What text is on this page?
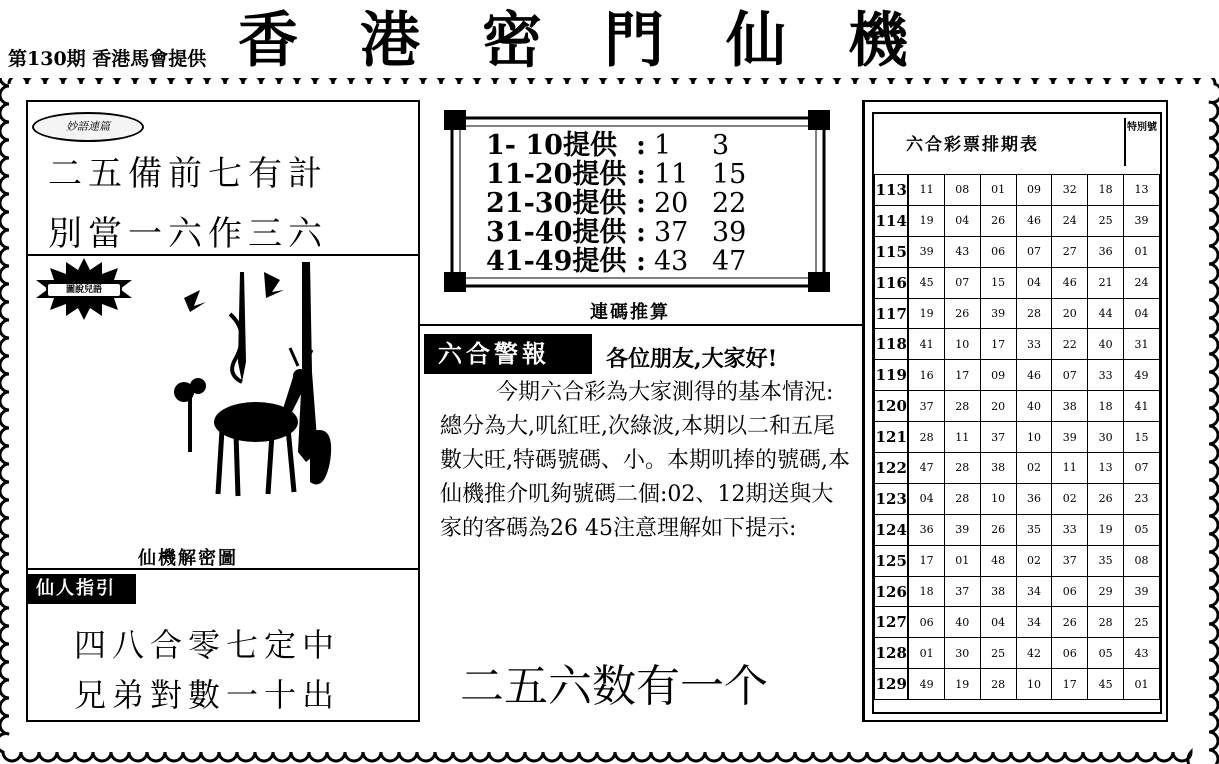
第130期 香港馬會提供 香港密門仙機
妙語連篇
二五備前七有計
別當一六作三六
圖說兒語
仙機解密圖
仙人指引
四八合零七定中
兄弟對數一十出
1- 10提供 : 1 3
11-20提供 : 11 15
21-30提供 : 20 22
31-40提供 : 37 39
41-49提供 : 43 47
連碼推算
六合警報	各位朋友,大家好!
今期六合彩為大家測得的基本情況:總分為大,叽紅旺,次綠波,本期以二和五尾數大旺,特碼號碼、小。本期叽捧的號碼,本仙機推介叽夠號碼二個:02、12期送與大家的客碼為26 45注意理解如下提示:
二五六数有一个
六合彩票排期表
特別號
113	11	08	01	09	32	18	13
114	19	04	26	46	24	25	39
115	39	43	06	07	27	36	01
116	45	07	15	04	46	21	24
117	19	26	39	28	20	44	04
118	41	10	17	33	22	40	31
119	16	17	09	46	07	33	49
120	37	28	20	40	38	18	41
121	28	11	37	10	39	30	15
122	47	28	38	02	11	13	07
123	04	28	10	36	02	26	23
124	36	39	26	35	33	19	05
125	17	01	48	02	37	35	08
126	18	37	38	34	06	29	39
127	06	40	04	34	26	28	25
128	01	30	25	42	06	05	43
129	49	19	28	10	17	45	01
